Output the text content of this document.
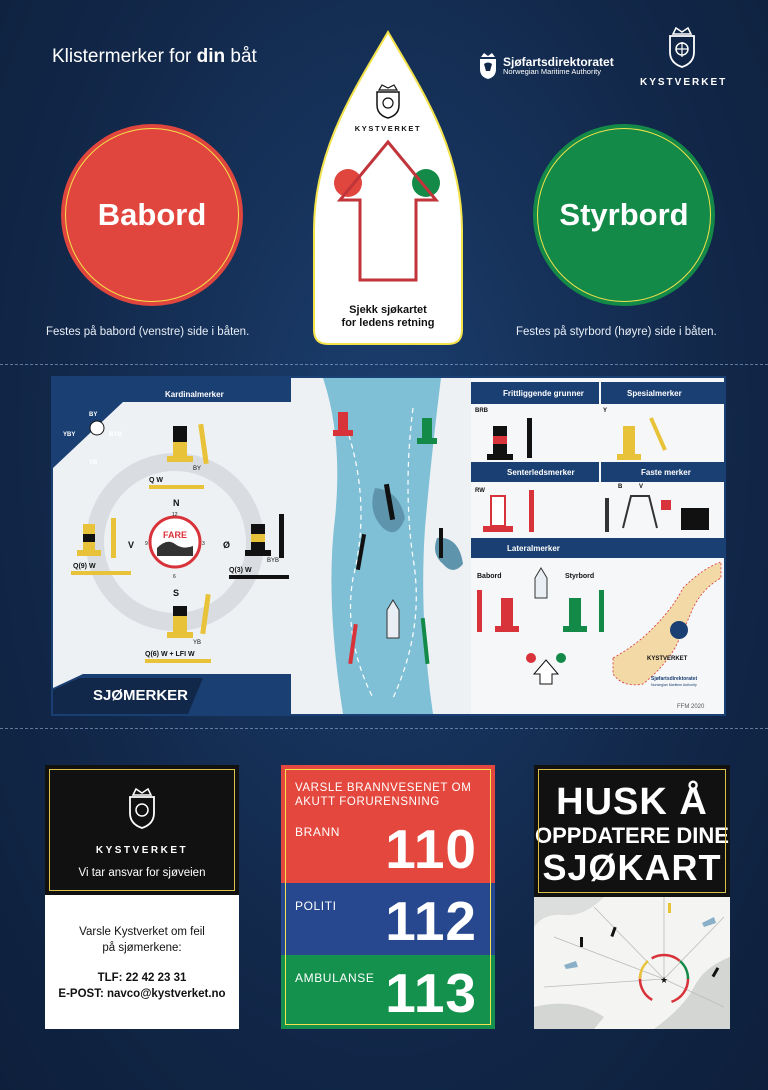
Klistermerker for din båt	Sjøfartsdirektoratet
Norwegian Maritime Authority
KYSTVERKET
Babord	Styrbord
Festes på babord (venstre) side i båten.	Festes på styrbord (høyre) side i båten.
KYSTVERKET
Sjekk sjøkartet
for ledens retning
Kardinalmerker
FARE
N
S
Ø
V
12
3
6
9
BY
Q W
Q(9) W
BYB
Q(3) W
YB
Q(6) W + LFI W
BY
YBY	BYB
YB
SJØMERKER
Frittliggende grunner	Spesialmerker
BRB	Y
Senterledsmerker	Faste merker
RW
B	V
Lateralmerker
Babord	Styrbord
KYSTVERKET
Sjøfartsdirektoratet
Norwegian Maritime Authority
FFM 2020
KYSTVERKET
Vi tar ansvar for sjøveien
Varsle Kystverket om feil
på sjømerkene:
TLF: 22 42 23 31
E-POST: navco@kystverket.no
VARSLE BRANNVESENET OM
AKUTT FORURENSNING
BRANN 110
POLITI 112
AMBULANSE 113
HUSK Å
OPPDATERE DINE
SJØKART
★
